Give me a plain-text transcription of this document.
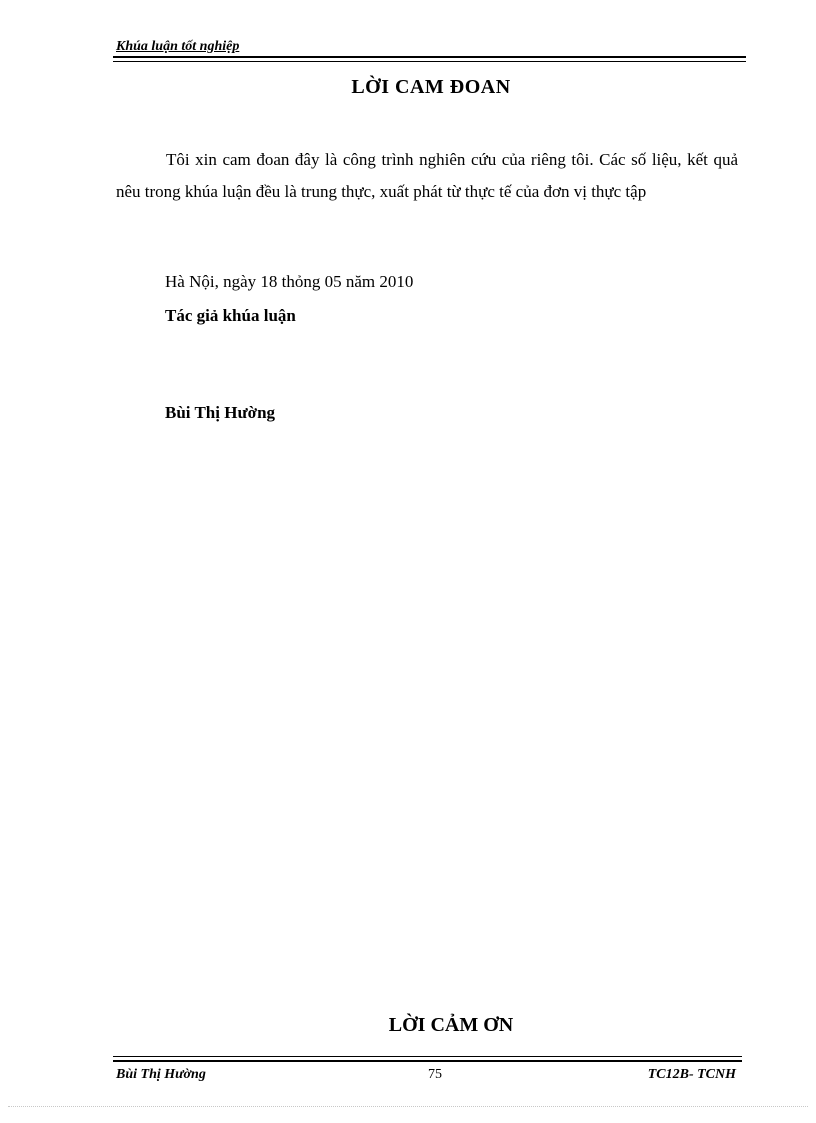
Khúa luận tốt nghiệp
LỜI CAM ĐOAN

Tôi xin cam đoan đây là công trình nghiên cứu của riêng tôi. Các số liệu, kết quả nêu trong khúa luận đều là trung thực, xuất phát từ thực tế của đơn vị thực tập

Hà Nội, ngày 18 thỏng 05 năm 2010
Tác giả khúa luận
Bùi Thị Hường
LỜI CẢM ƠN
Bùi Thị Hường	75	TC12B- TCNH
